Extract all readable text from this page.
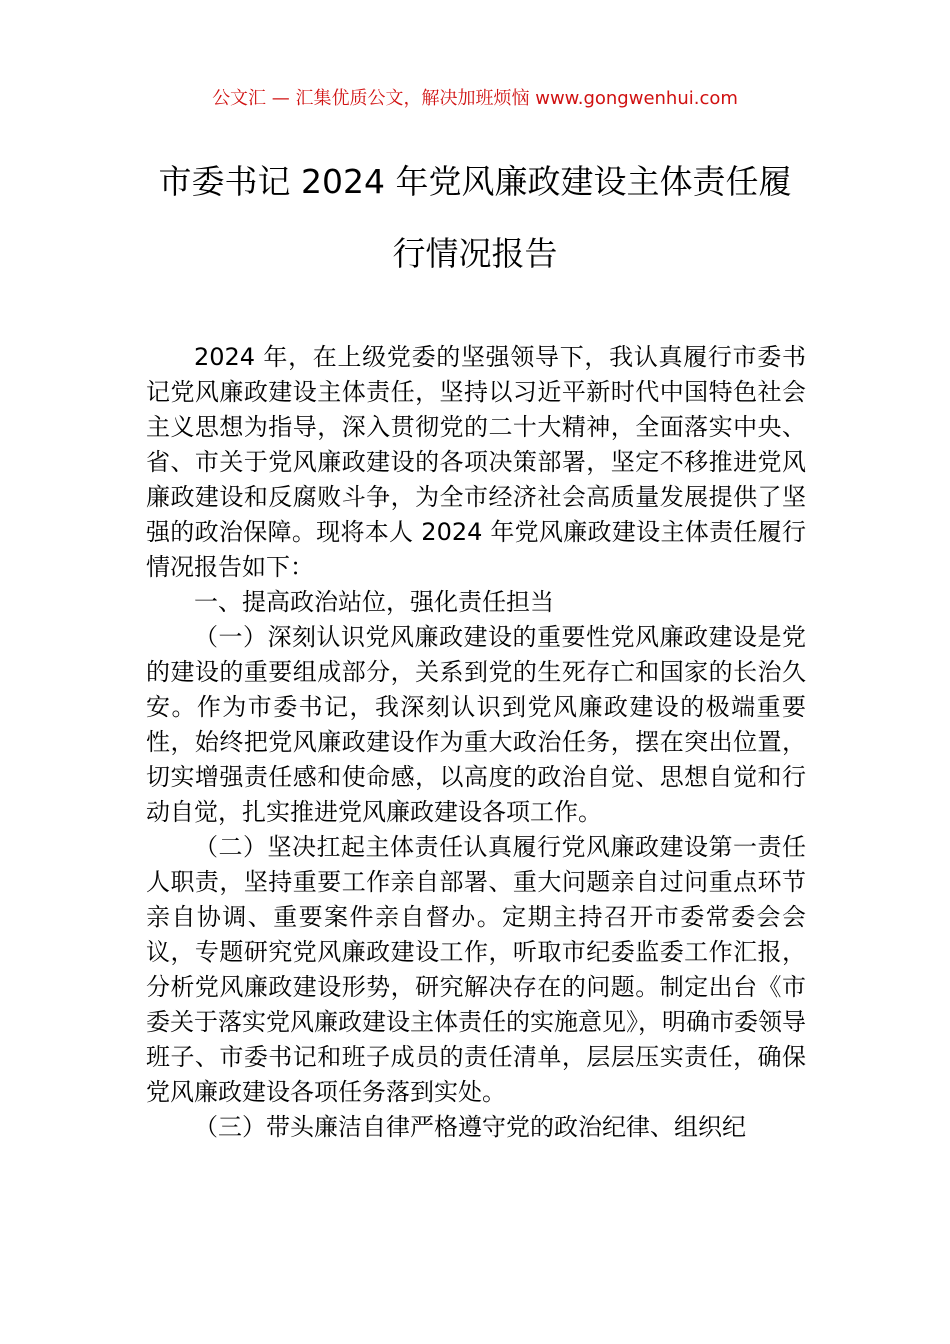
公文汇 — 汇集优质公文，解决加班烦恼 www.gongwenhui.com
市委书记 2024 年党风廉政建设主体责任履
行情况报告

2024 年，在上级党委的坚强领导下，我认真履行市委书记党风廉政建设主体责任，坚持以习近平新时代中国特色社会主义思想为指导，深入贯彻党的二十大精神，全面落实中央、省、市关于党风廉政建设的各项决策部署，坚定不移推进党风廉政建设和反腐败斗争，为全市经济社会高质量发展提供了坚强的政治保障。现将本人 2024 年党风廉政建设主体责任履行情况报告如下：

一、提高政治站位，强化责任担当

（一）深刻认识党风廉政建设的重要性党风廉政建设是党的建设的重要组成部分，关系到党的生死存亡和国家的长治久安。作为市委书记，我深刻认识到党风廉政建设的极端重要性，始终把党风廉政建设作为重大政治任务，摆在突出位置，切实增强责任感和使命感，以高度的政治自觉、思想自觉和行动自觉，扎实推进党风廉政建设各项工作。

（二）坚决扛起主体责任认真履行党风廉政建设第一责任人职责，坚持重要工作亲自部署、重大问题亲自过问重点环节亲自协调、重要案件亲自督办。定期主持召开市委常委会会议，专题研究党风廉政建设工作，听取市纪委监委工作汇报，分析党风廉政建设形势，研究解决存在的问题。制定出台《市委关于落实党风廉政建设主体责任的实施意见》，明确市委领导班子、市委书记和班子成员的责任清单，层层压实责任，确保党风廉政建设各项任务落到实处。

（三）带头廉洁自律严格遵守党的政治纪律、组织纪
